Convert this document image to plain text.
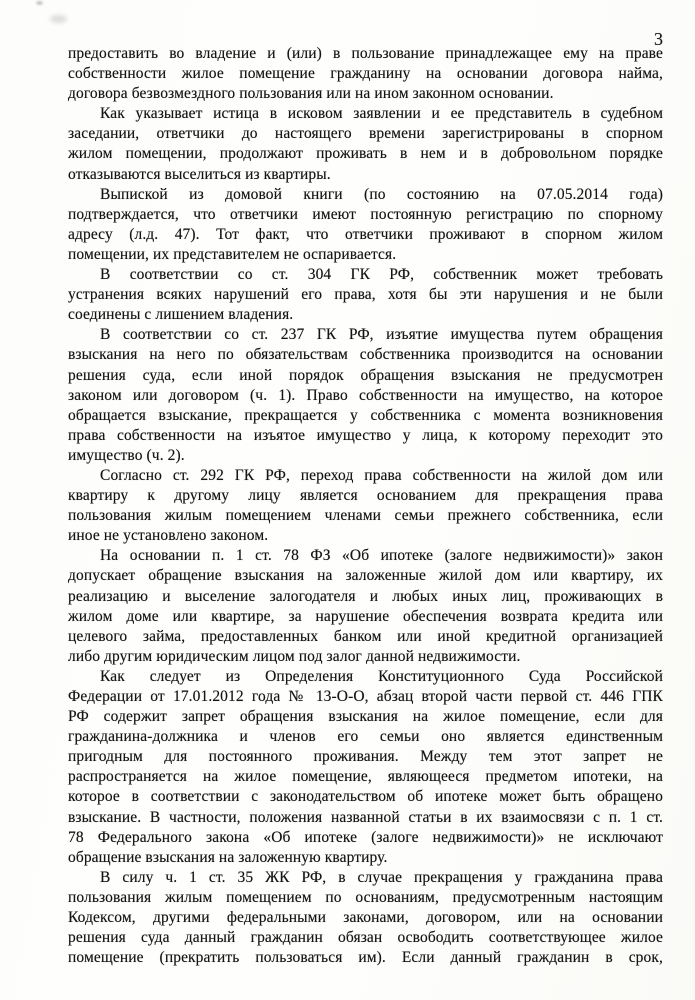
3
предоставить во владение и (или) в пользование принадлежащее ему на праве
собственности жилое помещение гражданину на основании договора найма,
договора безвозмездного пользования или на ином законном основании.
Как указывает истица в исковом заявлении и ее представитель в судебном
заседании, ответчики до настоящего времени зарегистрированы в спорном
жилом помещении, продолжают проживать в нем и в добровольном порядке
отказываются выселиться из квартиры.
Выпиской из домовой книги (по состоянию на 07.05.2014 года)
подтверждается, что ответчики имеют постоянную регистрацию по спорному
адресу (л.д. 47). Тот факт, что ответчики проживают в спорном жилом
помещении, их представителем не оспаривается.
В соответствии со ст. 304 ГК РФ, собственник может требовать
устранения всяких нарушений его права, хотя бы эти нарушения и не были
соединены с лишением владения.
В соответствии со ст. 237 ГК РФ, изъятие имущества путем обращения
взыскания на него по обязательствам собственника производится на основании
решения суда, если иной порядок обращения взыскания не предусмотрен
законом или договором (ч. 1). Право собственности на имущество, на которое
обращается взыскание, прекращается у собственника с момента возникновения
права собственности на изъятое имущество у лица, к которому переходит это
имущество (ч. 2).
Согласно ст. 292 ГК РФ, переход права собственности на жилой дом или
квартиру к другому лицу является основанием для прекращения права
пользования жилым помещением членами семьи прежнего собственника, если
иное не установлено законом.
На основании п. 1 ст. 78 ФЗ «Об ипотеке (залоге недвижимости)» закон
допускает обращение взыскания на заложенные жилой дом или квартиру, их
реализацию и выселение залогодателя и любых иных лиц, проживающих в
жилом доме или квартире, за нарушение обеспечения возврата кредита или
целевого займа, предоставленных банком или иной кредитной организацией
либо другим юридическим лицом под залог данной недвижимости.
Как следует из Определения Конституционного Суда Российской
Федерации от 17.01.2012 года № 13-О-О, абзац второй части первой ст. 446 ГПК
РФ содержит запрет обращения взыскания на жилое помещение, если для
гражданина-должника и членов его семьи оно является единственным
пригодным для постоянного проживания. Между тем этот запрет не
распространяется на жилое помещение, являющееся предметом ипотеки, на
которое в соответствии с законодательством об ипотеке может быть обращено
взыскание. В частности, положения названной статьи в их взаимосвязи с п. 1 ст.
78 Федерального закона «Об ипотеке (залоге недвижимости)» не исключают
обращение взыскания на заложенную квартиру.
В силу ч. 1 ст. 35 ЖК РФ, в случае прекращения у гражданина права
пользования жилым помещением по основаниям, предусмотренным настоящим
Кодексом, другими федеральными законами, договором, или на основании
решения суда данный гражданин обязан освободить соответствующее жилое
помещение (прекратить пользоваться им). Если данный гражданин в срок,
